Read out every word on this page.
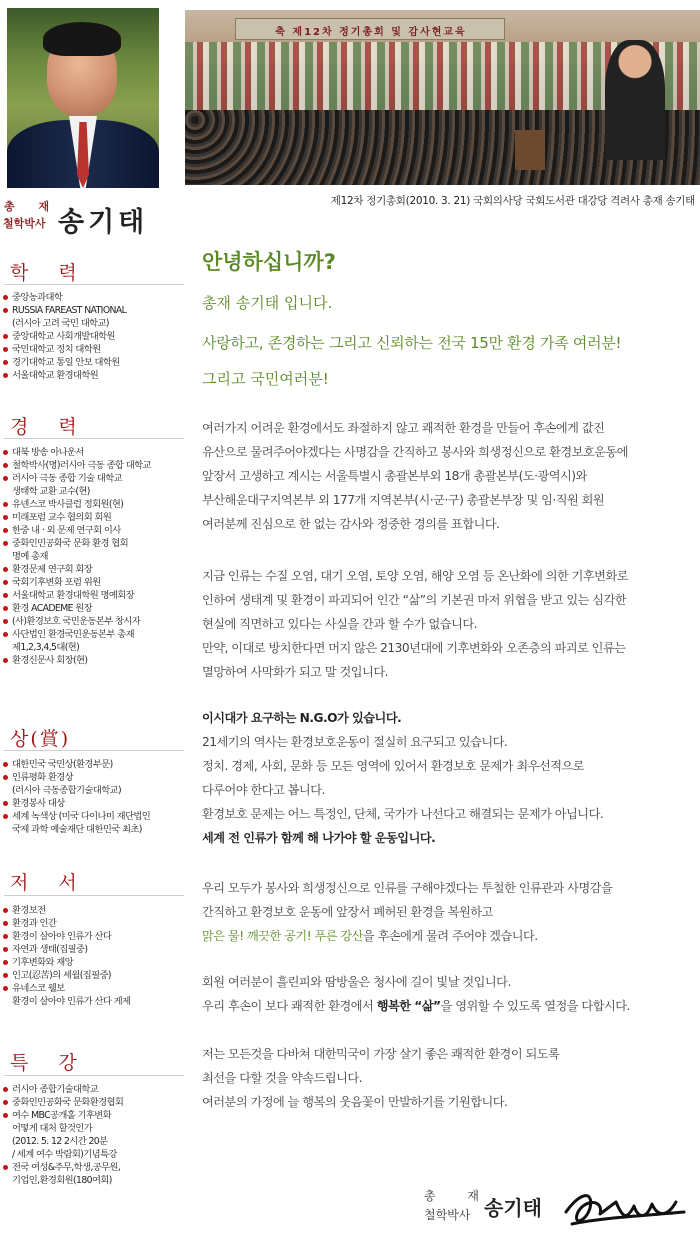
총 재
철학박사 송기태
학 력
중앙농과대학
RUSSIA FAREAST NATIONAL
(러시아 고려 국민 대학교)
중앙대학교 사회개발대학원
국민대학교 정치 대학원
경기대학교 통일 안보 대학원
서울대학교 환경대학원
경 력
대북 방송 아나운서
철학박사(명)러시아 극동 종합 대학교
러시아 극동 종합 기술 대학교
생태학 교환 교수(현)
유넨스코 박사클럽 정회원(현)
미래포럼 교수 협의회 회원
한중 내 · 외 문제 연구회 이사
중화인민공화국 문화 환경 협회
명예 총재
환경문제 연구회 회장
국회기후변화 포럼 위원
서울대학교 환경대학원 명예회장
환경 ACADEME 원장
(사)환경보호 국민운동본부 창시자
사단법인 환경국민운동본부 총재
제1,2,3,4,5대(현)
환경신문사 회장(현)
상(賞)
대한민국 국민상(환경부문)
인류평화 환경상
(러시아 극동종합기술대학교)
환경봉사 대상
세계 녹색상 (미국 다이나미 재단법인
국제 과학 예술재단 대한민국 최초)
저 서
환경보전
환경과 인간
환경이 살아야 인류가 산다
자연과 생태(집필중)
기후변화와 재앙
인고(忍苦)의 세월(집필중)
유네스코 웰보
환경이 살아야 인류가 산다 게제
특 강
러시아 종합기술대학교
중화인민공화국 문화환경협회
여수 MBC공개홀 기후변화
어떻게 대처 할것인가
(2012. 5. 12 2시간 20분
/ 세계 여수 박람회)기념특강
전국 여성&주무,학생,공무원,
기업인,환경회원(180여회)
축 제12차 정기총회 및 감사현교육
제12차 정기총회(2010. 3. 21) 국회의사당 국회도서관 대강당 격려사 총재 송기태
안녕하십니까?
총재 송기태 입니다.
사랑하고, 존경하는 그리고 신뢰하는 전국 15만 환경 가족 여러분!
그리고 국민여러분!
여러가지 어려운 환경에서도 좌절하지 않고 쾌적한 환경을 만들어 후손에게 값진
유산으로 물려주어야겠다는 사명감을 간직하고 봉사와 희생정신으로 환경보호운동에
앞장서 고생하고 계시는 서울특별시 총괄본부외 18개 총괄본부(도·광역시)와
부산해운대구지역본부 외 177개 지역본부(시·군·구) 총괄본부장 및 임·직원 회원
여러분께 진심으로 한 없는 감사와 정중한 경의를 표합니다.
지금 인류는 수질 오염, 대기 오염, 토양 오염, 해양 오염 등 온난화에 의한 기후변화로
인하여 생태계 및 환경이 파괴되어 인간 “삶”의 기본권 마저 위협을 받고 있는 심각한
현실에 직면하고 있다는 사실을 간과 할 수가 없습니다.
만약, 이대로 방치한다면 머지 않은 2130년대에 기후변화와 오존층의 파괴로 인류는
멸망하여 사막화가 되고 말 것입니다.
이시대가 요구하는 N.G.O가 있습니다.
21세기의 역사는 환경보호운동이 절실히 요구되고 있습니다.
정치. 경제, 사회, 문화 등 모든 영역에 있어서 환경보호 문제가 최우선적으로
다루어야 한다고 봅니다.
환경보호 문제는 어느 특정인, 단체, 국가가 나선다고 해결되는 문제가 아닙니다.
세계 전 인류가 함께 해 나가야 할 운동입니다.
우리 모두가 봉사와 희생정신으로 인류를 구해야겠다는 투철한 인류관과 사명감을
간직하고 환경보호 운동에 앞장서 폐허된 환경을 복원하고
맑은 물! 깨끗한 공기! 푸른 강산을 후손에게 물려 주어야 겠습니다.
회원 여러분이 흘린피와 땀방울은 청사에 길이 빛날 것입니다.
우리 후손이 보다 쾌적한 환경에서 행복한 “삶”을 영위할 수 있도록 열정을 다합시다.
저는 모든것을 다바쳐 대한믹국이 가장 살기 좋은 쾌적한 환경이 되도록
최선을 다할 것을 약속드립니다.
여러분의 가정에 늘 행복의 웃음꽃이 만발하기를 기원합니다.
총 재
철학박사 송기태
